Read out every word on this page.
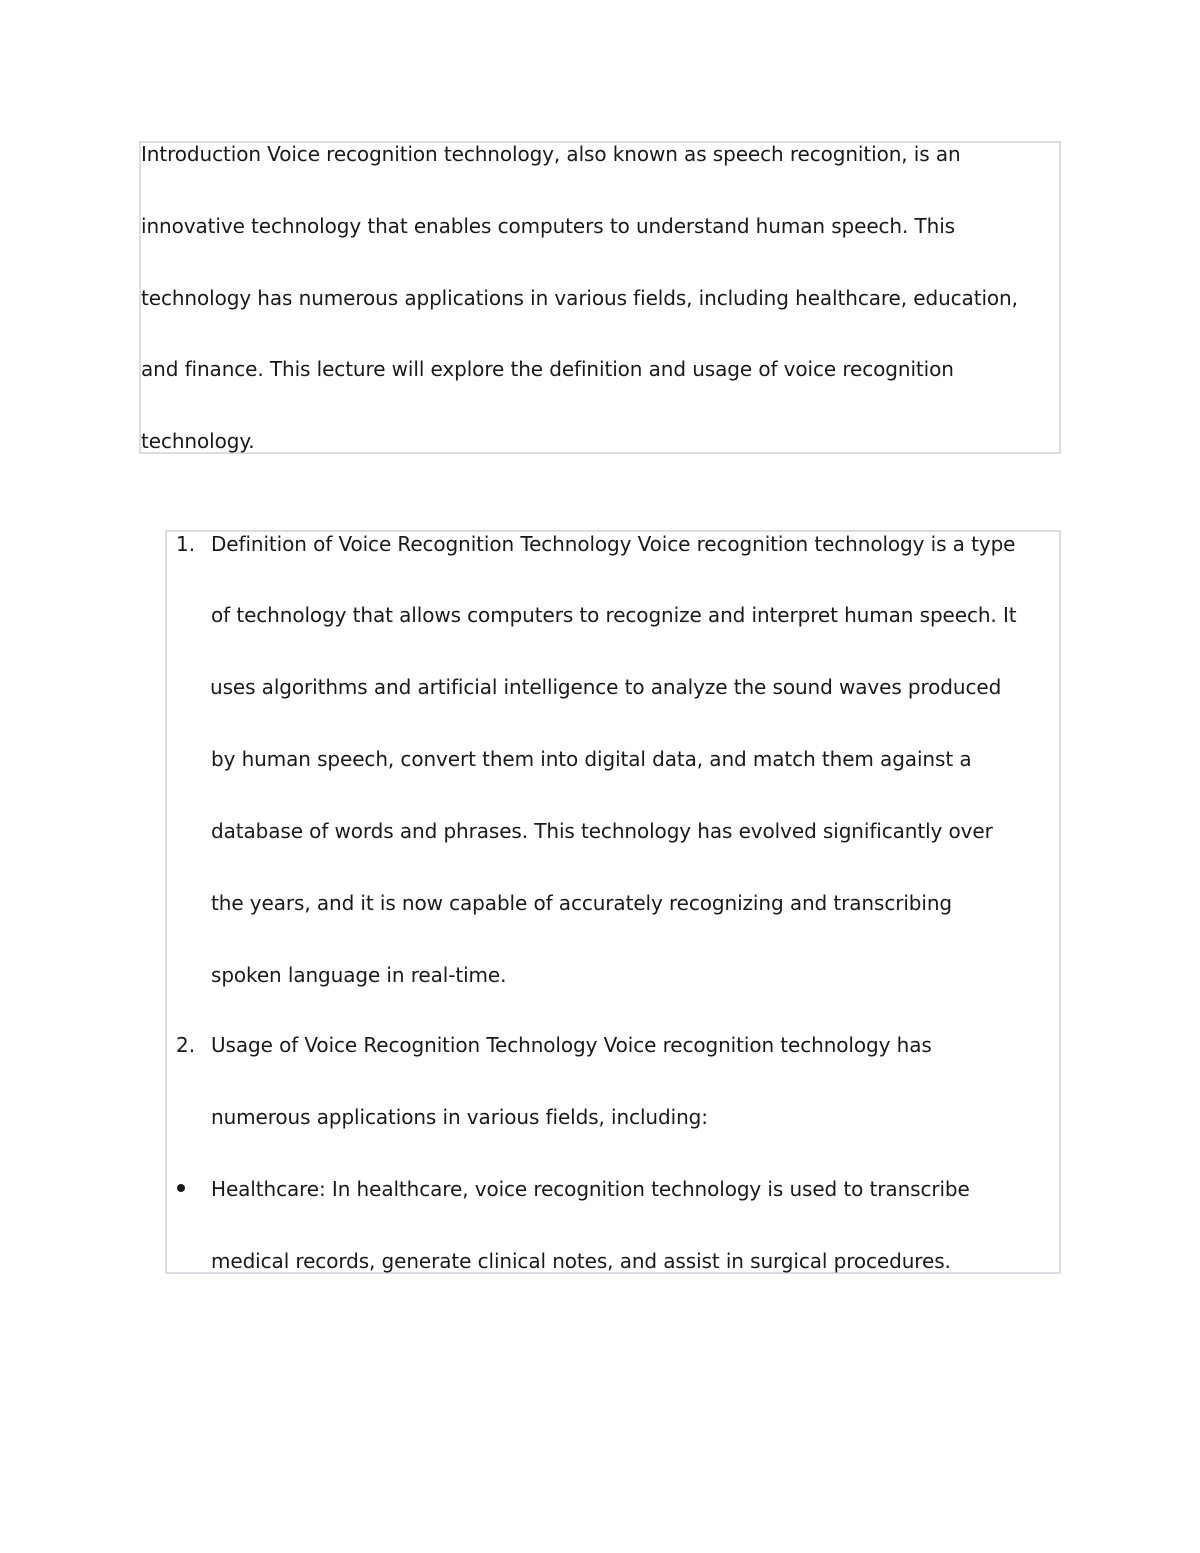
Introduction Voice recognition technology, also known as speech recognition, is an
innovative technology that enables computers to understand human speech. This
technology has numerous applications in various fields, including healthcare, education,
and finance. This lecture will explore the definition and usage of voice recognition
technology.
1. Definition of Voice Recognition Technology Voice recognition technology is a type
of technology that allows computers to recognize and interpret human speech. It
uses algorithms and artificial intelligence to analyze the sound waves produced
by human speech, convert them into digital data, and match them against a
database of words and phrases. This technology has evolved significantly over
the years, and it is now capable of accurately recognizing and transcribing
spoken language in real-time.
2. Usage of Voice Recognition Technology Voice recognition technology has
numerous applications in various fields, including:
Healthcare: In healthcare, voice recognition technology is used to transcribe
medical records, generate clinical notes, and assist in surgical procedures.
